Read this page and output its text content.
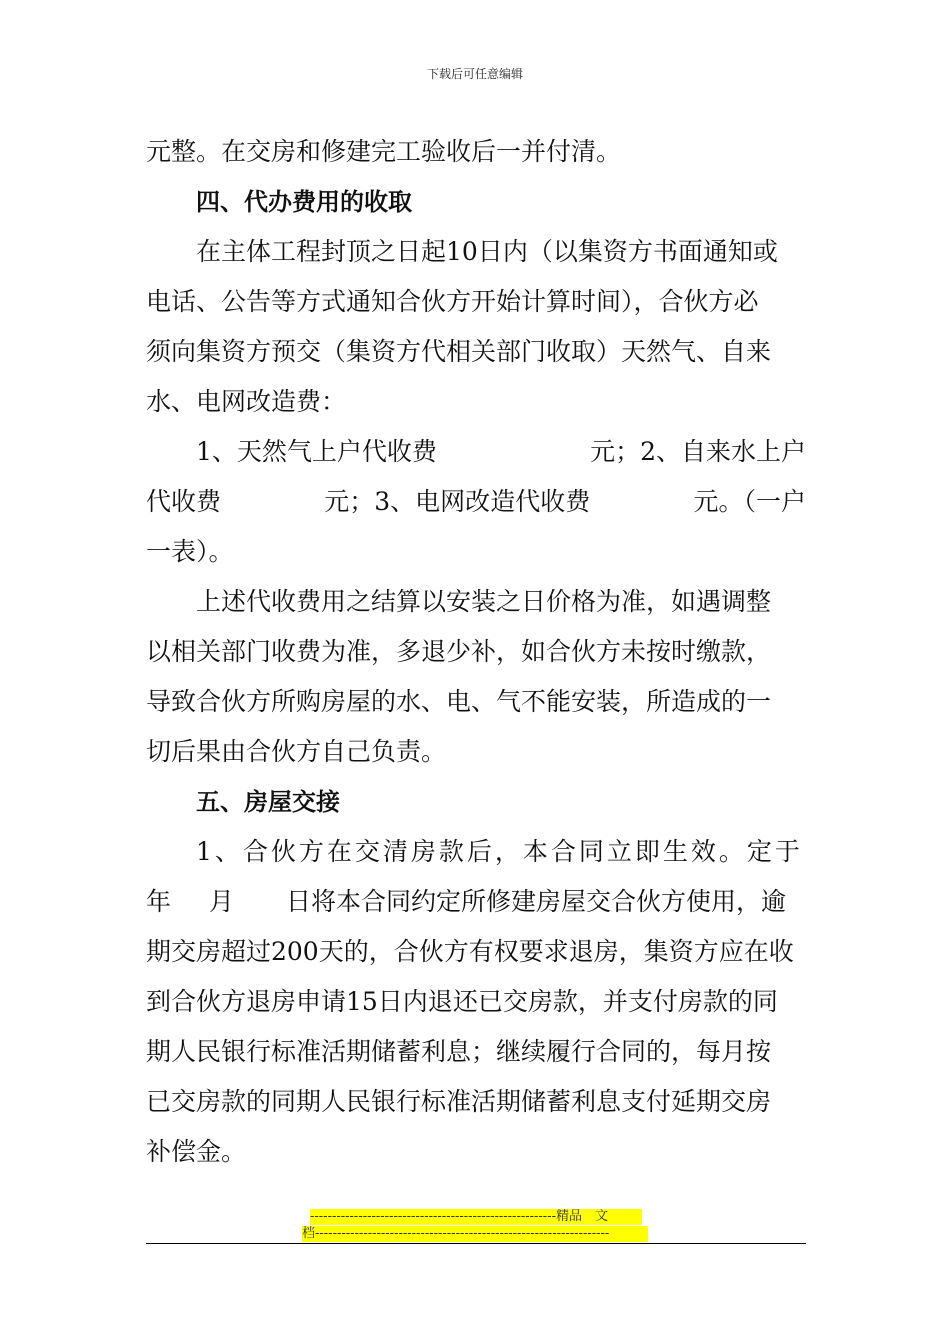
下载后可任意编辑
元整。在交房和修建完工验收后一并付清。
四、代办费用的收取
在主体工程封顶之日起10日内（以集资方书面通知或
电话、公告等方式通知合伙方开始计算时间），合伙方必
须向集资方预交（集资方代相关部门收取）天然气、自来
水、电网改造费：
1、天然气上户代收费	元；2、自来水上户
代收费	元；3、电网改造代收费	元。（一户
一表）。
上述代收费用之结算以安装之日价格为准，如遇调整
以相关部门收费为准，多退少补，如合伙方未按时缴款，
导致合伙方所购房屋的水、电、气不能安装，所造成的一
切后果由合伙方自己负责。
五、房屋交接
1、合伙方在交清房款后，本合同立即生效。定于
年 月 日将本合同约定所修建房屋交合伙方使用，逾
期交房超过200天的，合伙方有权要求退房，集资方应在收
到合伙方退房申请15日内退还已交房款，并支付房款的同
期人民银行标准活期储蓄利息；继续履行合同的，每月按
已交房款的同期人民银行标准活期储蓄利息支付延期交房
补偿金。
--------------------------------------------------------精品　文
档-------------------------------------------------------------------
